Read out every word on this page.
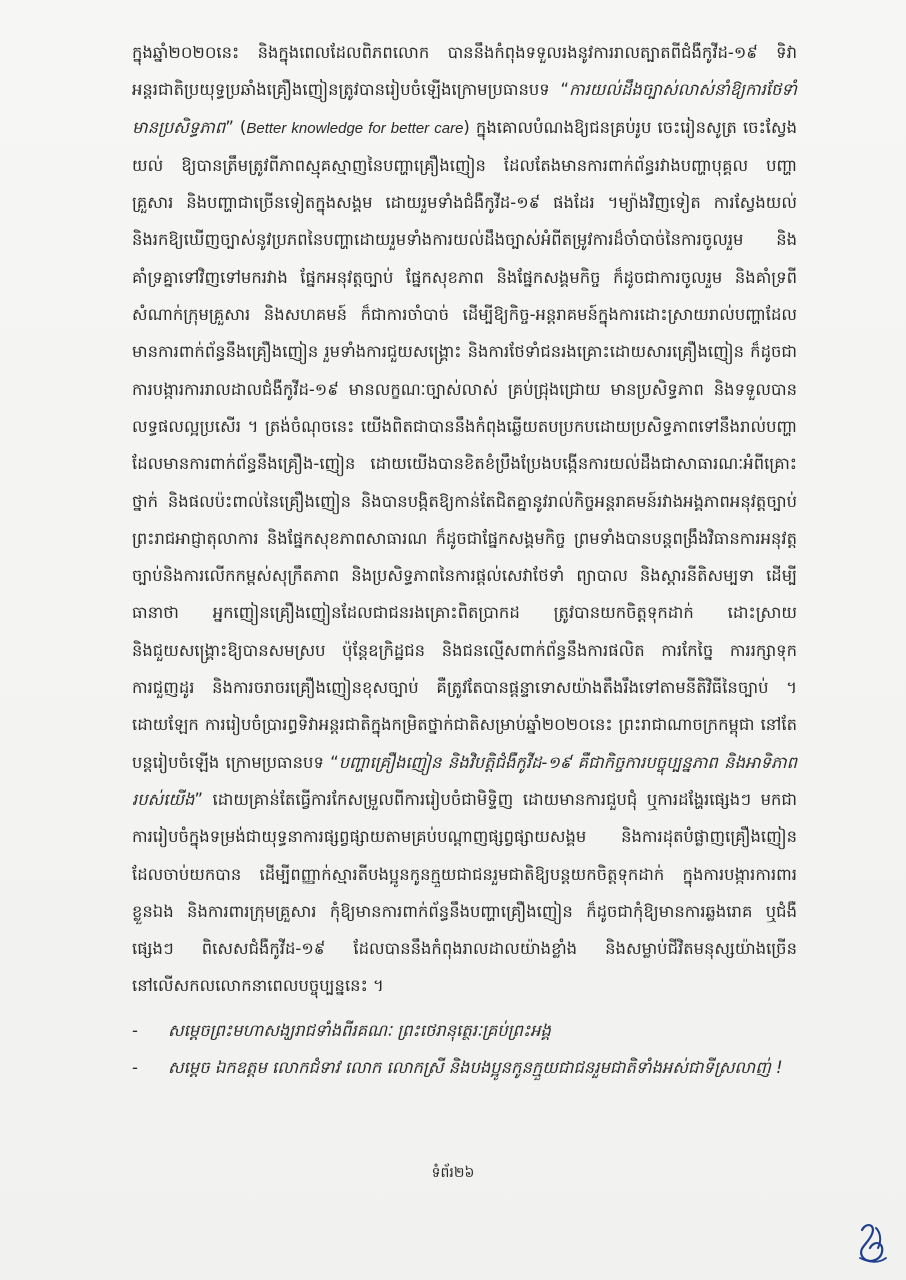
ក្នុងឆ្នាំ២០២០នេះ និងក្នុងពេលដែលពិភពលោក បាននឹងកំពុងទទួលរងនូវការរាលត្បាតពីជំងឺកូវីដ-១៩ ទិវាអន្តរជាតិប្រយុទ្ធប្រឆាំងគ្រឿងញៀនត្រូវបានរៀបចំឡើងក្រោមប្រធានបទ “ការយល់ដឹងច្បាស់លាស់នាំឱ្យការថែទាំមានប្រសិទ្ធភាព” (Better knowledge for better care) ក្នុងគោលបំណងឱ្យជនគ្រប់រូប ចេះរៀនសូត្រ ចេះស្វែងយល់ ឱ្យបានត្រឹមត្រូវពីភាពស្មុគស្មាញនៃបញ្ហាគ្រឿងញៀន ដែលតែងមានការពាក់ព័ន្ធរវាងបញ្ហាបុគ្គល បញ្ហាគ្រួសារ និងបញ្ហាជាច្រើនទៀតក្នុងសង្គម ដោយរួមទាំងជំងឺកូវីដ-១៩ ផងដែរ ។ម្យ៉ាងវិញទៀត ការស្វែងយល់ និងរកឱ្យឃើញច្បាស់នូវប្រភពនៃបញ្ហាដោយរួមទាំងការយល់ដឹងច្បាស់អំពីតម្រូវការដ៏ចាំបាច់នៃការចូលរួម និងគាំទ្រគ្នាទៅវិញទៅមករវាង ផ្នែកអនុវត្តច្បាប់ ផ្នែកសុខភាព និងផ្នែកសង្គមកិច្ច ក៏ដូចជាការចូលរួម និងគាំទ្រពីសំណាក់ក្រុមគ្រួសារ និងសហគមន៍ ក៏ជាការចាំបាច់ ដើម្បីឱ្យកិច្ច-អន្តរាគមន៍ក្នុងការដោះស្រាយរាល់បញ្ហាដែលមានការពាក់ព័ន្ធនឹងគ្រឿងញៀន រួមទាំងការជួយសង្គ្រោះ និងការថែទាំជនរងគ្រោះដោយសារគ្រឿងញៀន ក៏ដូចជាការបង្ការការរាលដាលជំងឺកូវីដ-១៩ មានលក្ខណៈច្បាស់លាស់ គ្រប់ជ្រុងជ្រោយ មានប្រសិទ្ធភាព និងទទួលបានលទ្ធផលល្អប្រសើរ ។ ត្រង់ចំណុចនេះ យើងពិតជាបាននឹងកំពុងឆ្លើយតបប្រកបដោយប្រសិទ្ធភាពទៅនឹងរាល់បញ្ហា ដែលមានការពាក់ព័ន្ធនឹងគ្រឿង-ញៀន ដោយយើងបានខិតខំប្រឹងប្រែងបង្កើនការយល់ដឹងជាសាធារណៈអំពីគ្រោះថ្នាក់ និងផលប៉ះពាល់នៃគ្រឿងញៀន និងបានបង្កិតឱ្យកាន់តែជិតគ្នានូវរាល់កិច្ចអន្តរាគមន៍រវាងអង្គភាពអនុវត្តច្បាប់ ព្រះរាជអាជ្ញាតុលាការ និងផ្នែកសុខភាពសាធារណ ក៏ដូចជាផ្នែកសង្គមកិច្ច ព្រមទាំងបានបន្តពង្រឹងវិធានការអនុវត្តច្បាប់និងការលើកកម្ពស់សុក្រឹតភាព និងប្រសិទ្ធភាពនៃការផ្ដល់សេវាថែទាំ ព្យាបាល និងស្ដារនីតិសម្បទា ដើម្បីធានាថា អ្នកញៀនគ្រឿងញៀនដែលជាជនរងគ្រោះពិតប្រាកដ ត្រូវបានយកចិត្តទុកដាក់ ដោះស្រាយ និងជួយសង្គ្រោះឱ្យបានសមស្រប ប៉ុន្តែឧក្រិដ្ឋជន និងជនល្មើសពាក់ព័ន្ធនឹងការផលិត ការកែច្នៃ ការរក្សាទុក ការជួញដូរ និងការចរាចរគ្រឿងញៀនខុសច្បាប់ គឺត្រូវតែបានផ្ដន្ទាទោសយ៉ាងតឹងរឹងទៅតាមនីតិវិធីនៃច្បាប់ ។ ដោយឡែក ការរៀបចំប្រារព្ធទិវាអន្តរជាតិក្នុងកម្រិតថ្នាក់ជាតិសម្រាប់ឆ្នាំ២០២០នេះ ព្រះរាជាណាចក្រកម្ពុជា នៅតែបន្តរៀបចំឡើង ក្រោមប្រធានបទ “បញ្ហាគ្រឿងញៀន និងវិបត្តិជំងឺកូវីដ-១៩ គឺជាកិច្ចការបច្ចុប្បន្នភាព និងអាទិភាពរបស់យើង” ដោយគ្រាន់តែធ្វើការកែសម្រួលពីការរៀបចំជាមិទ្ទិញ ដោយមានការជួបជុំ ឬការដង្ហែរផ្សេងៗ មកជាការរៀបចំក្នុងទម្រង់ជាយុទ្ធនាការផ្សព្វផ្សាយតាមគ្រប់បណ្ដាញផ្សព្វផ្សាយសង្គម និងការដុតបំផ្លាញគ្រឿងញៀនដែលចាប់យកបាន ដើម្បីពញ្ញាក់ស្មារតីបងប្អូនកូនក្មួយជាជនរួមជាតិឱ្យបន្តយកចិត្តទុកដាក់ ក្នុងការបង្ការការពារខ្លួនឯង និងការពារក្រុមគ្រួសារ កុំឱ្យមានការពាក់ព័ន្ធនឹងបញ្ហាគ្រឿងញៀន ក៏ដូចជាកុំឱ្យមានការឆ្លងរោគ ឬជំងឺផ្សេងៗ ពិសេសជំងឺកូវីដ-១៩ ដែលបាននឹងកំពុងរាលដាលយ៉ាងខ្លាំង និងសម្លាប់ជីវិតមនុស្សយ៉ាងច្រើននៅលើសកលលោកនាពេលបច្ចុប្បន្ននេះ ។

- សម្ដេចព្រះមហាសង្ឃរាជទាំងពីរគណៈ ព្រះថេរានុត្ថេរៈគ្រប់ព្រះអង្គ
- សម្ដេច ឯកឧត្ដម លោកជំទាវ លោក លោកស្រី និងបងប្អូនកូនក្មួយជាជនរួមជាតិទាំងអស់ជាទីស្រលាញ់ !
ទំព័រ២៦
